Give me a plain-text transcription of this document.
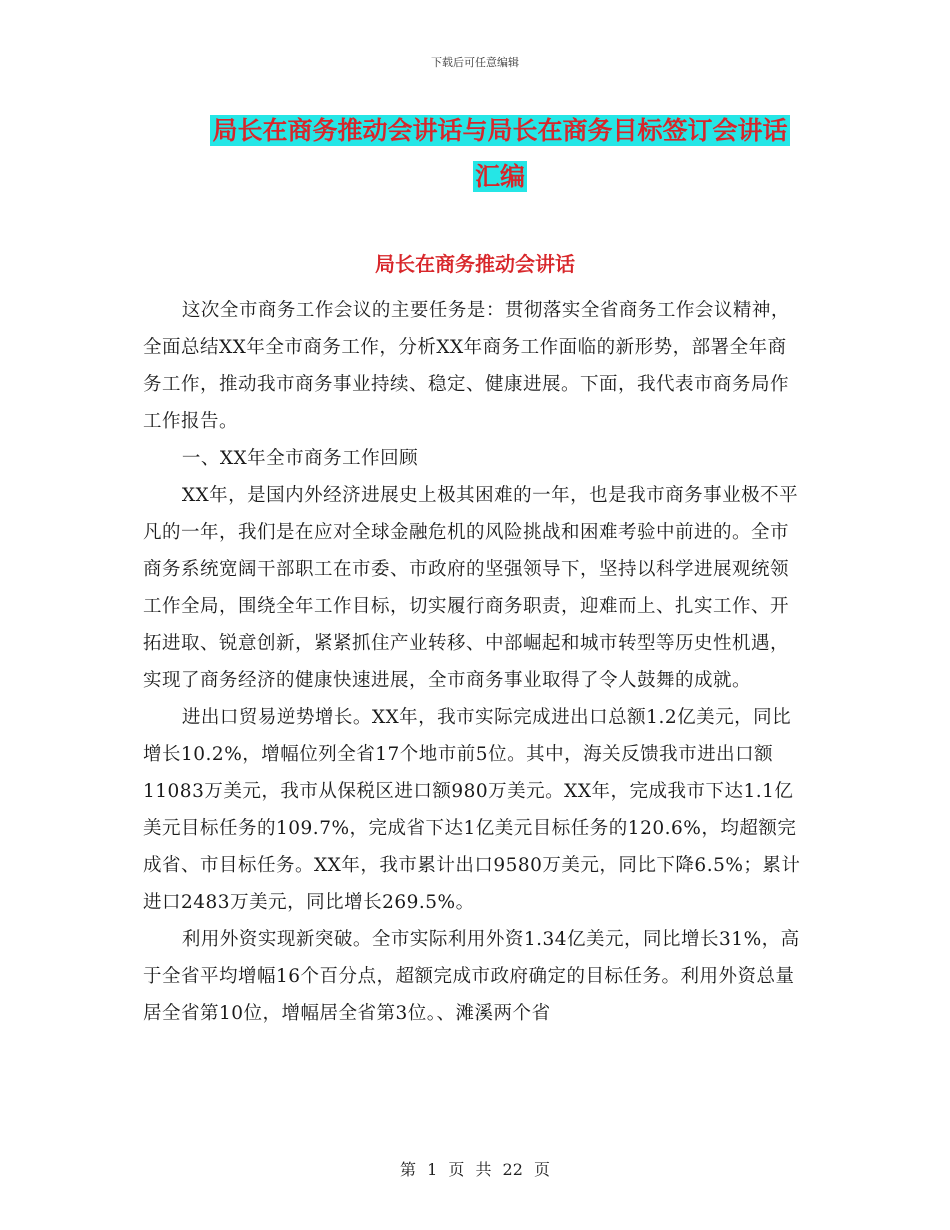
下载后可任意编辑
局长在商务推动会讲话与局长在商务目标签订会讲话
汇编
局长在商务推动会讲话

这次全市商务工作会议的主要任务是：贯彻落实全省商务工作会议精神，全面总结XX年全市商务工作，分析XX年商务工作面临的新形势，部署全年商务工作，推动我市商务事业持续、稳定、健康进展。下面，我代表市商务局作工作报告。

一、XX年全市商务工作回顾

XX年，是国内外经济进展史上极其困难的一年，也是我市商务事业极不平凡的一年，我们是在应对全球金融危机的风险挑战和困难考验中前进的。全市商务系统宽阔干部职工在市委、市政府的坚强领导下，坚持以科学进展观统领工作全局，围绕全年工作目标，切实履行商务职责，迎难而上、扎实工作、开拓进取、锐意创新，紧紧抓住产业转移、中部崛起和城市转型等历史性机遇，实现了商务经济的健康快速进展，全市商务事业取得了令人鼓舞的成就。

进出口贸易逆势增长。XX年，我市实际完成进出口总额1.2亿美元，同比增长10.2%，增幅位列全省17个地市前5位。其中，海关反馈我市进出口额11083万美元，我市从保税区进口额980万美元。XX年，完成我市下达1.1亿美元目标任务的109.7%，完成省下达1亿美元目标任务的120.6%，均超额完成省、市目标任务。XX年，我市累计出口9580万美元，同比下降6.5%；累计进口2483万美元，同比增长269.5%。

利用外资实现新突破。全市实际利用外资1.34亿美元，同比增长31%，高于全省平均增幅16个百分点，超额完成市政府确定的目标任务。利用外资总量居全省第10位，增幅居全省第3位。、滩溪两个省

第 1 页 共 22 页
